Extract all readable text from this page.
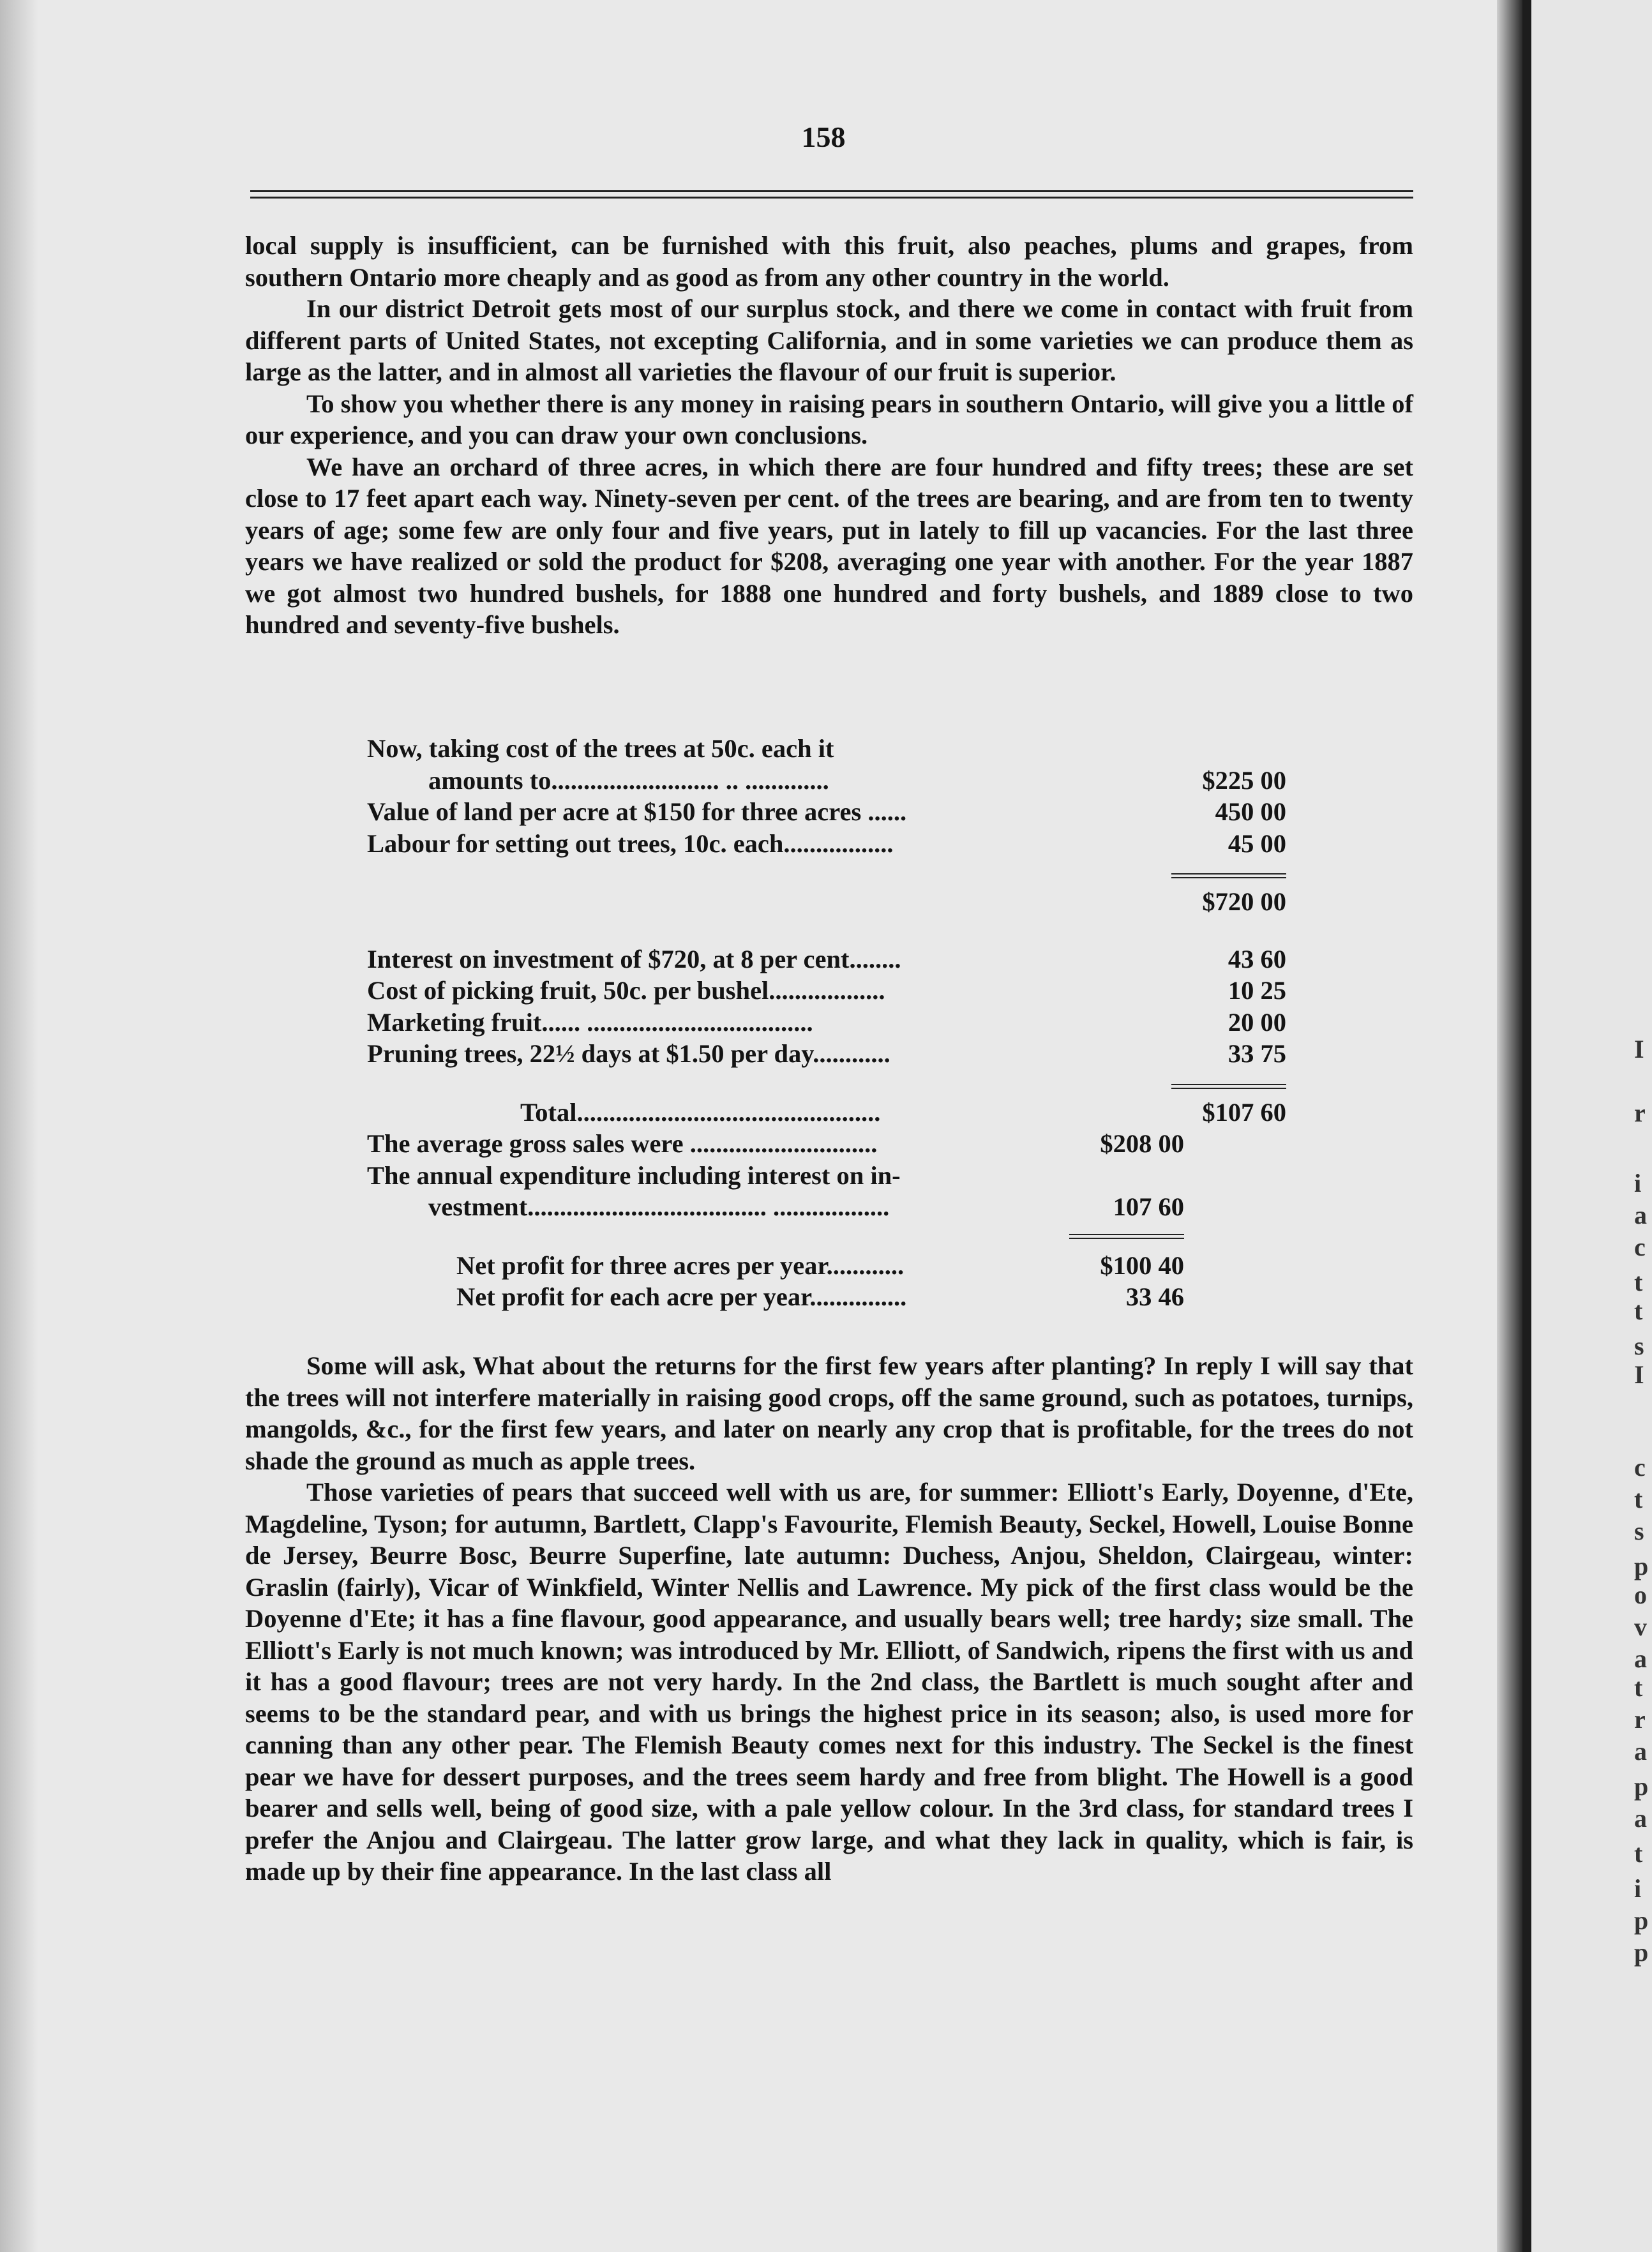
158

local supply is insufficient, can be furnished with this fruit, also peaches, plums and grapes, from southern Ontario more cheaply and as good as from any other country in the world.

In our district Detroit gets most of our surplus stock, and there we come in contact with fruit from different parts of United States, not excepting California, and in some varieties we can produce them as large as the latter, and in almost all varieties the flavour of our fruit is superior.

To show you whether there is any money in raising pears in southern Ontario, will give you a little of our experience, and you can draw your own conclusions.

We have an orchard of three acres, in which there are four hundred and fifty trees; these are set close to 17 feet apart each way. Ninety-seven per cent. of the trees are bearing, and are from ten to twenty years of age; some few are only four and five years, put in lately to fill up vacancies. For the last three years we have realized or sold the product for $208, averaging one year with another. For the year 1887 we got almost two hundred bushels, for 1888 one hundred and forty bushels, and 1889 close to two hundred and seventy-five bushels.

Now, taking cost of the trees at 50c. each it
amounts to.......................... .. .............	$225 00
Value of land per acre at $150 for three acres ......	450 00
Labour for setting out trees, 10c. each.................	45 00
$720 00
Interest on investment of $720, at 8 per cent........	43 60
Cost of picking fruit, 50c. per bushel..................	10 25
Marketing fruit...... ...................................	20 00
Pruning trees, 22½ days at $1.50 per day............	33 75
Total...............................................	$107 60
The average gross sales were .............................	$208 00
The annual expenditure including interest on in-
vestment..................................... ..................	107 60
Net profit for three acres per year............	$100 40
Net profit for each acre per year...............	33 46

Some will ask, What about the returns for the first few years after planting? In reply I will say that the trees will not interfere materially in raising good crops, off the same ground, such as potatoes, turnips, mangolds, &c., for the first few years, and later on nearly any crop that is profitable, for the trees do not shade the ground as much as apple trees.

Those varieties of pears that succeed well with us are, for summer: Elliott's Early, Doyenne, d'Ete, Magdeline, Tyson; for autumn, Bartlett, Clapp's Favourite, Flemish Beauty, Seckel, Howell, Louise Bonne de Jersey, Beurre Bosc, Beurre Superfine, late autumn: Duchess, Anjou, Sheldon, Clairgeau, winter: Graslin (fairly), Vicar of Winkfield, Winter Nellis and Lawrence. My pick of the first class would be the Doyenne d'Ete; it has a fine flavour, good appearance, and usually bears well; tree hardy; size small. The Elliott's Early is not much known; was introduced by Mr. Elliott, of Sandwich, ripens the first with us and it has a good flavour; trees are not very hardy. In the 2nd class, the Bartlett is much sought after and seems to be the standard pear, and with us brings the highest price in its season; also, is used more for canning than any other pear. The Flemish Beauty comes next for this industry. The Seckel is the finest pear we have for dessert purposes, and the trees seem hardy and free from blight. The Howell is a good bearer and sells well, being of good size, with a pale yellow colour. In the 3rd class, for standard trees I prefer the Anjou and Clairgeau. The latter grow large, and what they lack in quality, which is fair, is made up by their fine appearance. In the last class all

I
r
i
a
c
t
t
s
I
c
t
s
p
o
v
a
t
r
a
p
a
t
i
p
p
